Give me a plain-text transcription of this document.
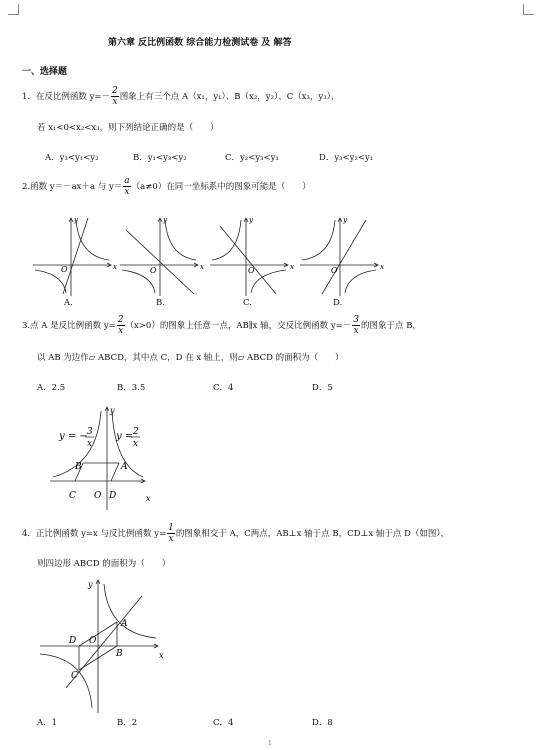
第六章 反比例函数 综合能力检测试卷 及 解答
一、选择题
1．在反比例函数 $y=- \frac{2}{x}$ 图象上有三个点 A（x₁，y₁）、B（x₂，y₂）、C（x₃，y₃），
若 x₁<0<x₂<x₃，则下列结论正确的是（　　）
A．y₃<y₁<y₂	B．y₁<y₃<y₂	C．y₂<y₃<y₁	D．y₃<y₂<y₁
2.函数 y＝－ax＋a 与 $y= \frac{a}{x} (a\ne 0)$在同一坐标系中的图象可能是（　　）
O	x
y
A.
O	x
y
B.
O	x
y
C.
O	x
y
D.
3.点 A 是反比例函数 $y= \frac{2}{x} (x>0)$的图象上任意一点，AB∥x 轴，交反比例函数 $y=- \frac{3}{x}$ 的图象于点 B，
以 AB 为边作▱ ABCD，其中点 C，D 在 x 轴上，则▱ ABCD 的面积为（　　）
A．2.5	B．3.5	C．4	D．5
y = − 3
x
y = 2
x
B	A
C O D	x
y
4．正比例函数 y=x 与反比例函数 $y= \frac{1}{x}$ 的图象相交于 A，C两点，AB⊥x 轴于点 B，CD⊥x 轴于点 D（如图），
则四边形 ABCD 的面积为（　　）
A
B
C
D O
x
y
A．1	B．2	C．4	D．8
1
